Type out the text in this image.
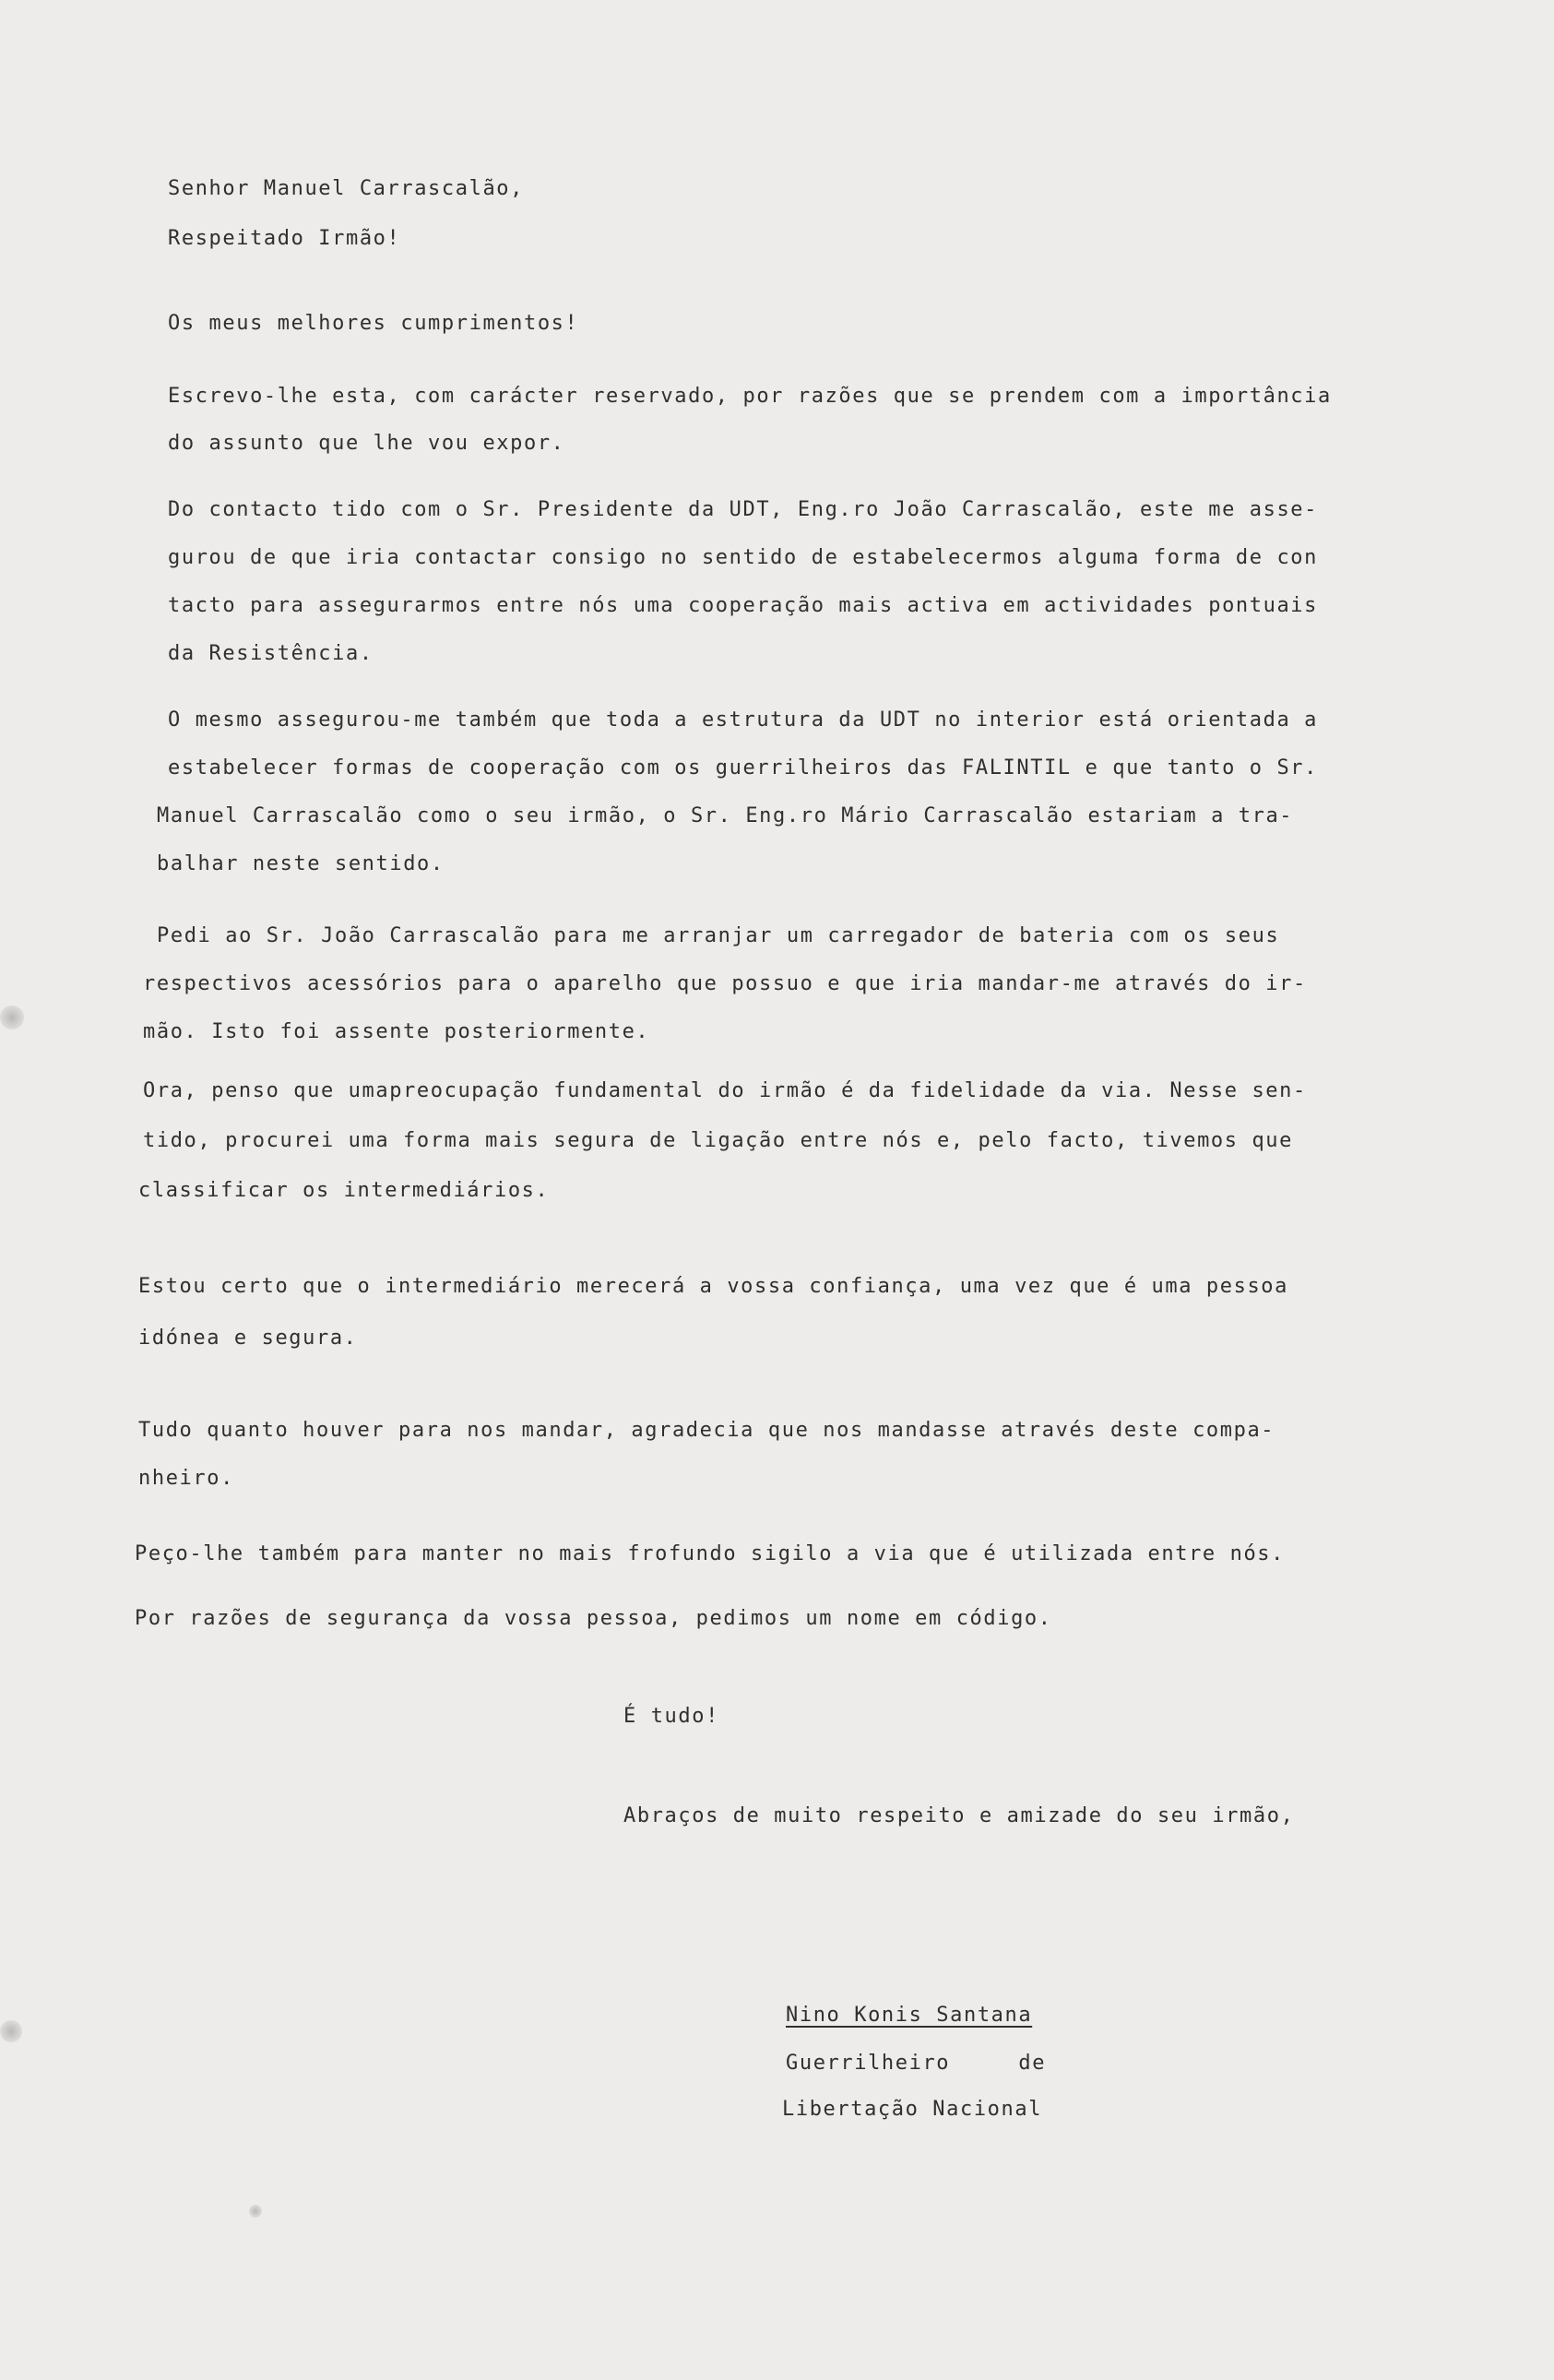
Senhor Manuel Carrascalão,
Respeitado Irmão!
Os meus melhores cumprimentos!
Escrevo-lhe esta, com carácter reservado, por razões que se prendem com a importância
do assunto que lhe vou expor.
Do contacto tido com o Sr. Presidente da UDT, Eng.ro João Carrascalão, este me asse-
gurou de que iria contactar consigo no sentido de estabelecermos alguma forma de con
tacto para assegurarmos entre nós uma cooperação mais activa em actividades pontuais
da Resistência.
O mesmo assegurou-me também que toda a estrutura da UDT no interior está orientada a
estabelecer formas de cooperação com os guerrilheiros das FALINTIL e que tanto o Sr.
Manuel Carrascalão como o seu irmão, o Sr. Eng.ro Mário Carrascalão estariam a tra-
balhar neste sentido.
Pedi ao Sr. João Carrascalão para me arranjar um carregador de bateria com os seus
respectivos acessórios para o aparelho que possuo e que iria mandar-me através do ir-
mão. Isto foi assente posteriormente.
Ora, penso que umapreocupação fundamental do irmão é da fidelidade da via. Nesse sen-
tido, procurei uma forma mais segura de ligação entre nós e, pelo facto, tivemos que
classificar os intermediários.
Estou certo que o intermediário merecerá a vossa confiança, uma vez que é uma pessoa
idónea e segura.
Tudo quanto houver para nos mandar, agradecia que nos mandasse através deste compa-
nheiro.
Peço-lhe também para manter no mais frofundo sigilo a via que é utilizada entre nós.
Por razões de segurança da vossa pessoa, pedimos um nome em código.
É tudo!
Abraços de muito respeito e amizade do seu irmão,
Nino Konis Santana
Guerrilheiro     de
Libertação Nacional
